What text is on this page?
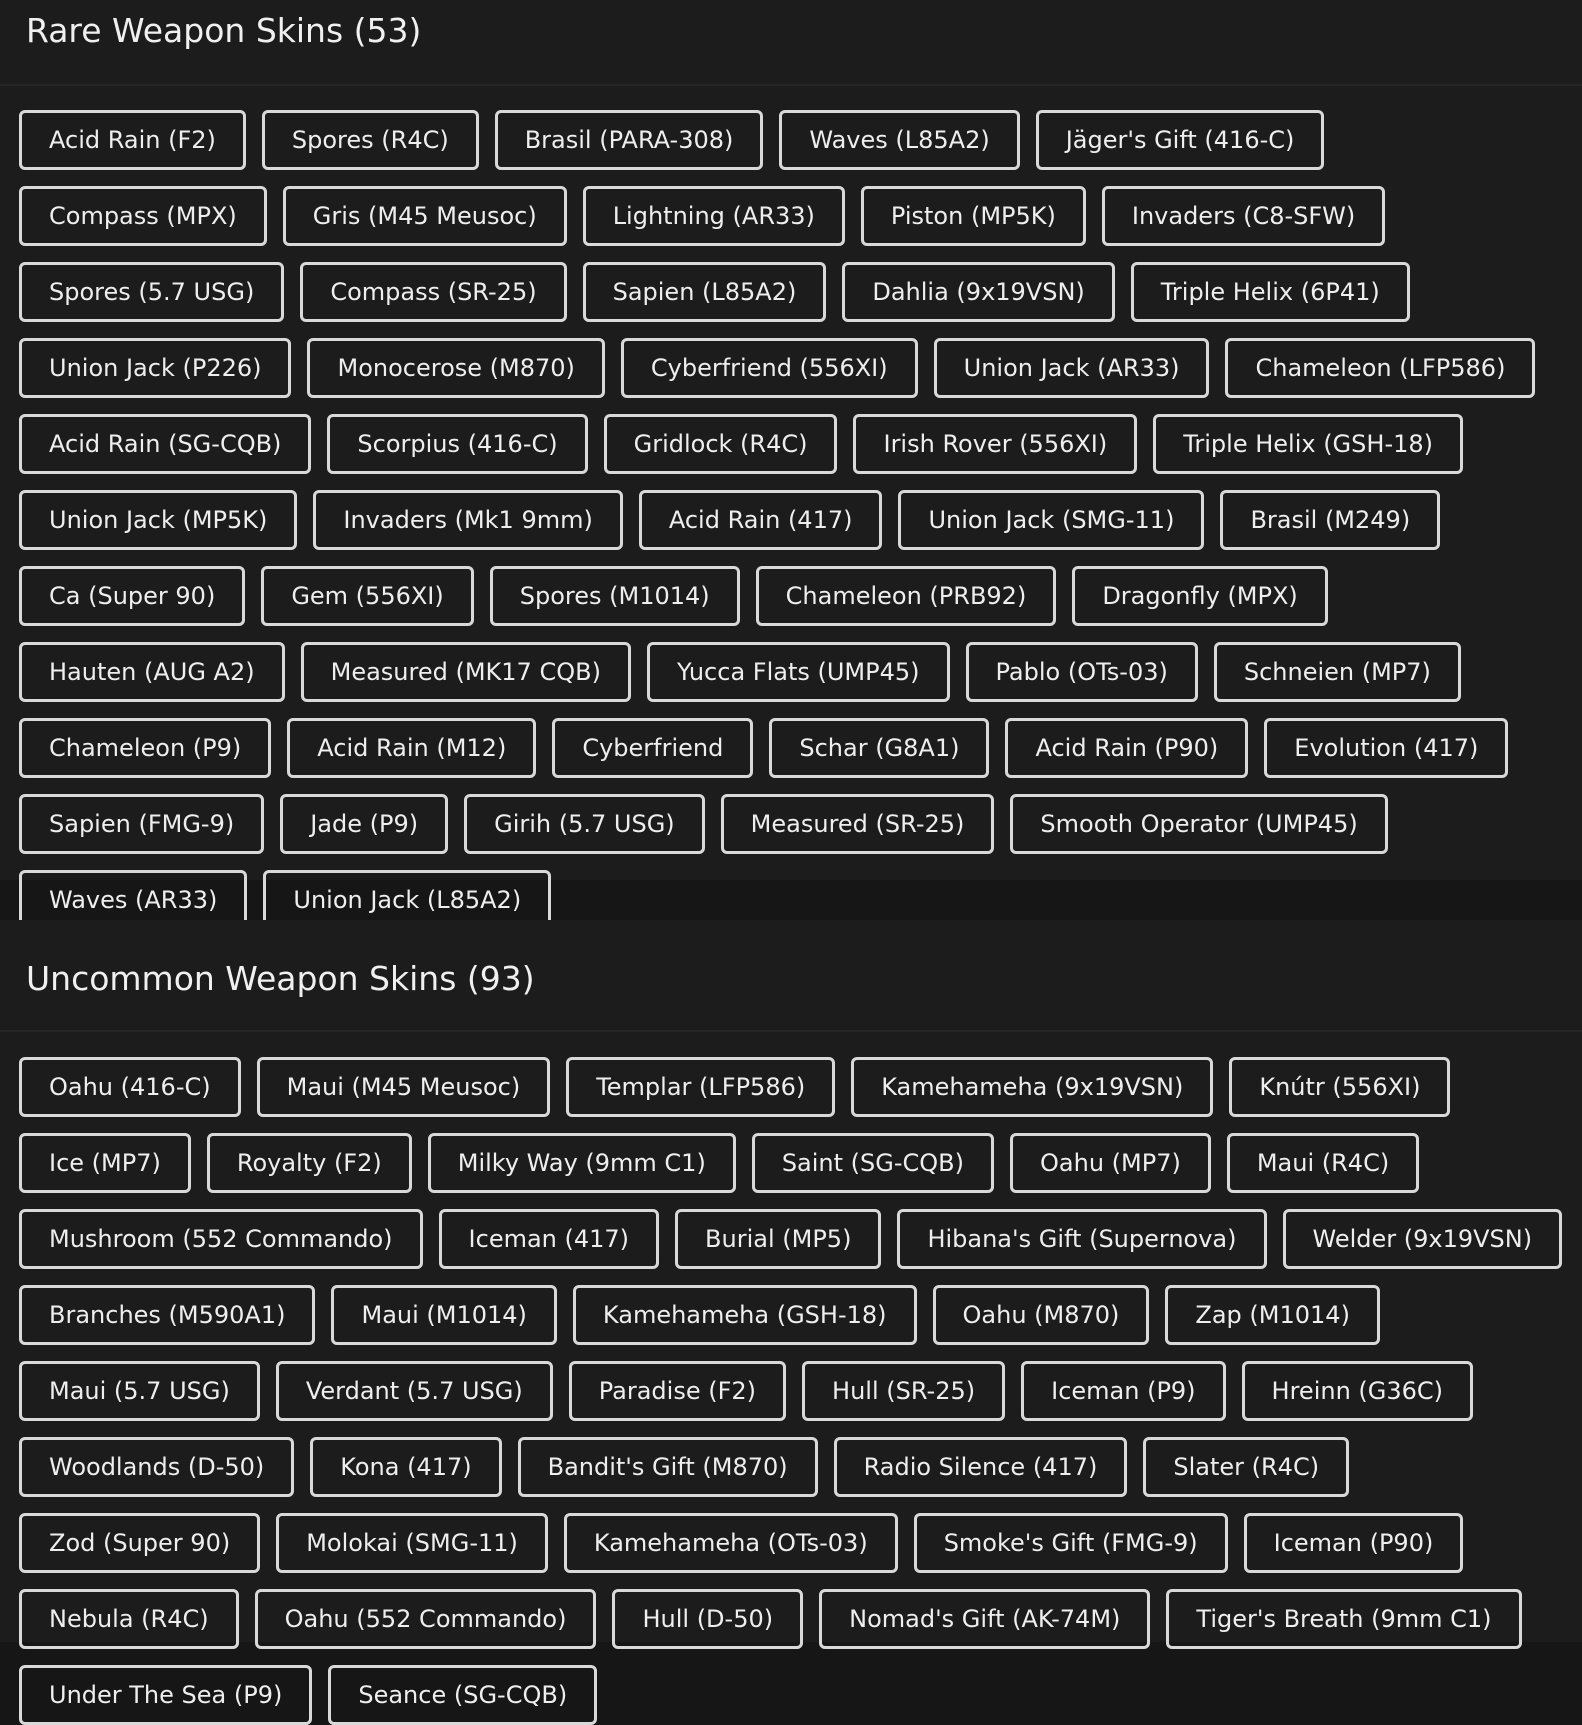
Rare Weapon Skins (53)
Acid Rain (F2)	Spores (R4C)	Brasil (PARA-308)	Waves (L85A2)	Jäger's Gift (416-C)
Compass (MPX)	Gris (M45 Meusoc)	Lightning (AR33)	Piston (MP5K)	Invaders (C8-SFW)
Spores (5.7 USG)	Compass (SR-25)	Sapien (L85A2)	Dahlia (9x19VSN)	Triple Helix (6P41)
Union Jack (P226)	Monocerose (M870)	Cyberfriend (556XI)	Union Jack (AR33)	Chameleon (LFP586)
Acid Rain (SG-CQB)	Scorpius (416-C)	Gridlock (R4C)	Irish Rover (556XI)	Triple Helix (GSH-18)
Union Jack (MP5K)	Invaders (Mk1 9mm)	Acid Rain (417)	Union Jack (SMG-11)	Brasil (M249)
Ca (Super 90)	Gem (556XI)	Spores (M1014)	Chameleon (PRB92)	Dragonfly (MPX)
Hauten (AUG A2)	Measured (MK17 CQB)	Yucca Flats (UMP45)	Pablo (OTs-03)	Schneien (MP7)
Chameleon (P9)	Acid Rain (M12)	Cyberfriend	Schar (G8A1)	Acid Rain (P90)	Evolution (417)
Sapien (FMG-9)	Jade (P9)	Girih (5.7 USG)	Measured (SR-25)	Smooth Operator (UMP45)
Waves (AR33)	Union Jack (L85A2)
Uncommon Weapon Skins (93)
Oahu (416-C)	Maui (M45 Meusoc)	Templar (LFP586)	Kamehameha (9x19VSN)	Knútr (556XI)
Ice (MP7)	Royalty (F2)	Milky Way (9mm C1)	Saint (SG-CQB)	Oahu (MP7)	Maui (R4C)
Mushroom (552 Commando)	Iceman (417)	Burial (MP5)	Hibana's Gift (Supernova)	Welder (9x19VSN)
Branches (M590A1)	Maui (M1014)	Kamehameha (GSH-18)	Oahu (M870)	Zap (M1014)
Maui (5.7 USG)	Verdant (5.7 USG)	Paradise (F2)	Hull (SR-25)	Iceman (P9)	Hreinn (G36C)
Woodlands (D-50)	Kona (417)	Bandit's Gift (M870)	Radio Silence (417)	Slater (R4C)
Zod (Super 90)	Molokai (SMG-11)	Kamehameha (OTs-03)	Smoke's Gift (FMG-9)	Iceman (P90)
Nebula (R4C)	Oahu (552 Commando)	Hull (D-50)	Nomad's Gift (AK-74M)	Tiger's Breath (9mm C1)
Under The Sea (P9)	Seance (SG-CQB)
